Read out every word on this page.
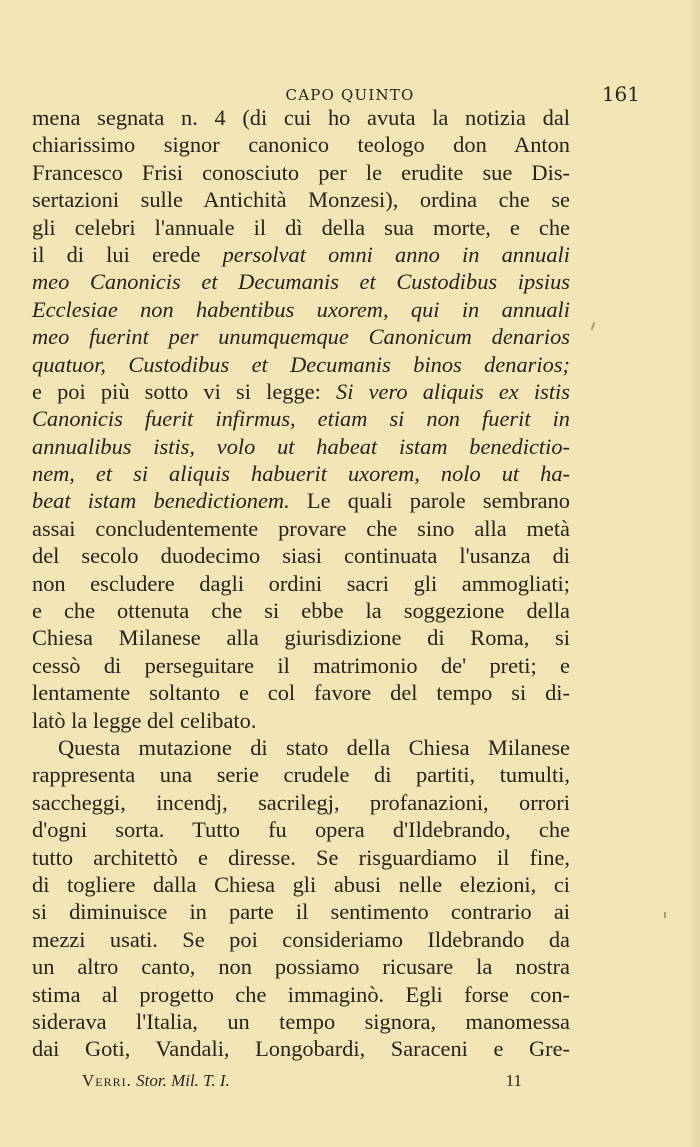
CAPO QUINTO	161
mena segnata n. 4 (di cui ho avuta la notizia dal
chiarissimo signor canonico teologo don Anton
Francesco Frisi conosciuto per le erudite sue Dis-
sertazioni sulle Antichità Monzesi), ordina che se
gli celebri l'annuale il dì della sua morte, e che
il di lui erede persolvat omni anno in annuali
meo Canonicis et Decumanis et Custodibus ipsius
Ecclesiae non habentibus uxorem, qui in annuali
meo fuerint per unumquemque Canonicum denarios
quatuor, Custodibus et Decumanis binos denarios;
e poi più sotto vi si legge: Si vero aliquis ex istis
Canonicis fuerit infirmus, etiam si non fuerit in
annualibus istis, volo ut habeat istam benedictio-
nem, et si aliquis habuerit uxorem, nolo ut ha-
beat istam benedictionem. Le quali parole sembrano
assai concludentemente provare che sino alla metà
del secolo duodecimo siasi continuata l'usanza di
non escludere dagli ordini sacri gli ammogliati;
e che ottenuta che si ebbe la soggezione della
Chiesa Milanese alla giurisdizione di Roma, si
cessò di perseguitare il matrimonio de' preti; e
lentamente soltanto e col favore del tempo si di-
latò la legge del celibato.
Questa mutazione di stato della Chiesa Milanese
rappresenta una serie crudele di partiti, tumulti,
saccheggi, incendj, sacrilegj, profanazioni, orrori
d'ogni sorta. Tutto fu opera d'Ildebrando, che
tutto architettò e diresse. Se risguardiamo il fine,
di togliere dalla Chiesa gli abusi nelle elezioni, ci
si diminuisce in parte il sentimento contrario ai
mezzi usati. Se poi consideriamo Ildebrando da
un altro canto, non possiamo ricusare la nostra
stima al progetto che immaginò. Egli forse con-
siderava l'Italia, un tempo signora, manomessa
dai Goti, Vandali, Longobardi, Saraceni e Gre-
Verri. Stor. Mil. T. I.	11
